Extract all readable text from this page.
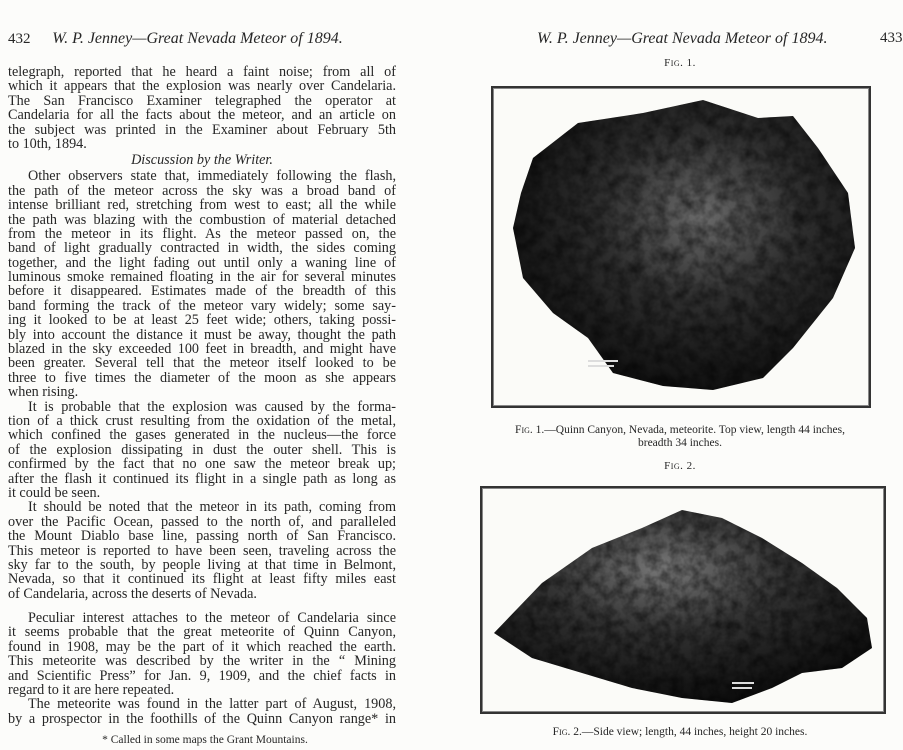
432 W. P. Jenney—Great Nevada Meteor of 1894.
telegraph, reported that he heard a faint noise; from all of
which it appears that the explosion was nearly over Candelaria.
The San Francisco Examiner telegraphed the operator at
Candelaria for all the facts about the meteor, and an article on
the subject was printed in the Examiner about February 5th
to 10th, 1894.
Discussion by the Writer.
Other observers state that, immediately following the flash,
the path of the meteor across the sky was a broad band of
intense brilliant red, stretching from west to east; all the while
the path was blazing with the combustion of material detached
from the meteor in its flight. As the meteor passed on, the
band of light gradually contracted in width, the sides coming
together, and the light fading out until only a waning line of
luminous smoke remained floating in the air for several minutes
before it disappeared. Estimates made of the breadth of this
band forming the track of the meteor vary widely; some say-
ing it looked to be at least 25 feet wide; others, taking possi-
bly into account the distance it must be away, thought the path
blazed in the sky exceeded 100 feet in breadth, and might have
been greater. Several tell that the meteor itself looked to be
three to five times the diameter of the moon as she appears
when rising.
It is probable that the explosion was caused by the forma-
tion of a thick crust resulting from the oxidation of the metal,
which confined the gases generated in the nucleus—the force
of the explosion dissipating in dust the outer shell. This is
confirmed by the fact that no one saw the meteor break up;
after the flash it continued its flight in a single path as long as
it could be seen.
It should be noted that the meteor in its path, coming from
over the Pacific Ocean, passed to the north of, and paralleled
the Mount Diablo base line, passing north of San Francisco.
This meteor is reported to have been seen, traveling across the
sky far to the south, by people living at that time in Belmont,
Nevada, so that it continued its flight at least fifty miles east
of Candelaria, across the deserts of Nevada.
Peculiar interest attaches to the meteor of Candelaria since
it seems probable that the great meteorite of Quinn Canyon,
found in 1908, may be the part of it which reached the earth.
This meteorite was described by the writer in the “ Mining
and Scientific Press” for Jan. 9, 1909, and the chief facts in
regard to it are here repeated.
The meteorite was found in the latter part of August, 1908,
by a prospector in the foothills of the Quinn Canyon range* in
* Called in some maps the Grant Mountains.
W. P. Jenney—Great Nevada Meteor of 1894.	433
Fig. 1.
Fig. 1.—Quinn Canyon, Nevada, meteorite. Top view, length 44 inches,
breadth 34 inches.
Fig. 2.
Fig. 2.—Side view; length, 44 inches, height 20 inches.
